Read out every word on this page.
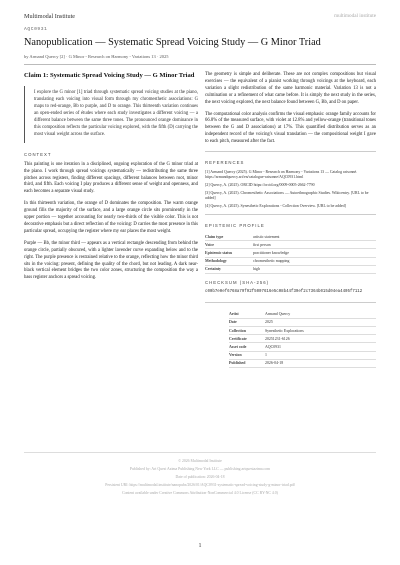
Multimodal Institute	multimodal institute
AQC0931
Nanopublication — Systematic Spread Voicing Study — G Minor Triad
by Armand Quercy [2] · G Minor - Research on Harmony - Variations 13 · 2025
Claim 1: Systematic Spread Voicing Study — G Minor Triad
I explore the G minor [1] triad through systematic spread voicing studies at the piano, translating each voicing into visual form through my chromesthetic associations: G maps to red-orange, Bb to purple, and D to orange. This thirteenth variation continues an open-ended series of études where each study investigates a different voicing — a different balance between the same three tones. The pronounced orange dominance in this composition reflects the particular voicing explored, with the fifth (D) carrying the most visual weight across the surface.
CONTEXT

This painting is one iteration in a disciplined, ongoing exploration of the G minor triad at the piano. I work through spread voicings systematically — redistributing the same three pitches across registers, finding different spacings, different balances between root, minor third, and fifth. Each voicing I play produces a different sense of weight and openness, and each becomes a separate visual study.

In this thirteenth variation, the orange of D dominates the composition. The warm orange ground fills the majority of the surface, and a large orange circle sits prominently in the upper portion — together accounting for nearly two-thirds of the visible color. This is not decorative emphasis but a direct reflection of the voicing: D carries the most presence in this particular spread, occupying the register where my ear places the most weight.

Purple — Bb, the minor third — appears as a vertical rectangle descending from behind the orange circle, partially obscured, with a lighter lavender curve expanding below and to the right. The purple presence is restrained relative to the orange, reflecting how the minor third sits in the voicing: present, defining the quality of the chord, but not leading. A dark near-black vertical element bridges the two color zones, structuring the composition the way a bass register anchors a spread voicing.

The geometry is simple and deliberate. These are not complex compositions but visual exercises — the equivalent of a pianist working through voicings at the keyboard, each variation a slight redistribution of the same harmonic material. Variation 13 is not a culmination or a refinement of what came before. It is simply the next study in the series, the next voicing explored, the next balance found between G, Bb, and D on paper.

The computational color analysis confirms the visual emphasis: orange family accounts for 66.8% of the measured surface, with violet at 12.8% and yellow-orange (transitional tones between the G and D associations) at 17%. This quantified distribution serves as an independent record of the voicing's visual translation — the compositional weight I gave to each pitch, measured after the fact.

REFERENCES
[1] Armand Quercy (2025). G Minor - Research on Harmony - Variations 13 — Catalog raisonné. https://armandquercy.art/en/catalogue-raisonne/AQC0931.html
[2] Quercy, A. (2025). ORCID https://orcid.org/0009-0005-2662-7790
[3] Quercy, A. (2025). Chromesthetic Associations — Autoethnographic Studies. Wikicentry. [URL to be added]
[4] Quercy, A. (2025). Synesthetic Explorations - Collection Overview. [URL to be added]
EPISTEMIC PROFILE
Claim type	artistic statement
Voice	first person
Epistemic status	practitioner knowledge
Methodology	chromesthetic mapping
Certainty	high
CHECKSUM (SHA-256)
c00b7e0ef6768a79f92f5007616e5c08b44f39ef2c7364b015d04ea4405f7112
Artist	Armand Quercy
Date	2025
Collection	Synesthetic Explorations
Certificate	20251231-6126
Asset code	AQC0931
Version	1
Published	2026-04-18
© 2026 Multimodal Institute
Published by: Art Quest Azima Publishing New York LLC — publishing.artquestazima.com
Date of publication: 2026-04-18
Persistent URI: https://multimodal.institute/nanopubs/2026/01/AQC0931-systematic-spread-voicing-study-g-minor-triad.pdf
Content available under Creative Commons Attribution-NonCommercial 4.0 License (CC BY-NC 4.0)
1
